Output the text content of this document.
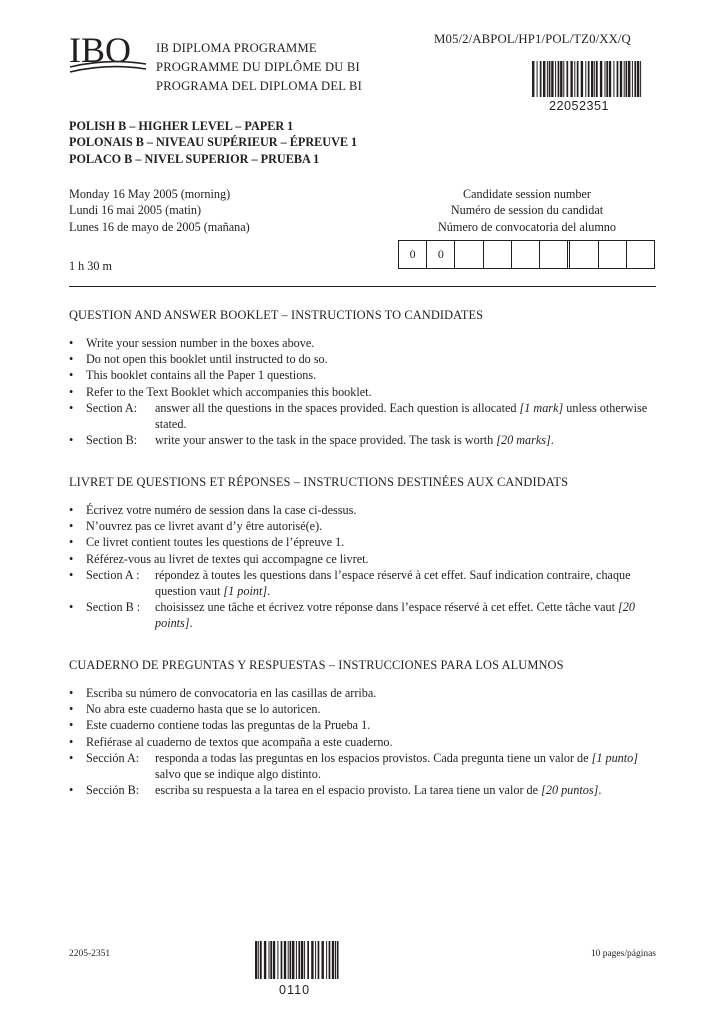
IBO IB DIPLOMA PROGRAMME
PROGRAMME DU DIPLÔME DU BI
PROGRAMA DEL DIPLOMA DEL BI
M05/2/ABPOL/HP1/POL/TZ0/XX/Q
22052351
POLISH B – HIGHER LEVEL – PAPER 1
POLONAIS B – NIVEAU SUPÉRIEUR – ÉPREUVE 1
POLACO B – NIVEL SUPERIOR – PRUEBA 1
Monday 16 May 2005 (morning)
Lundi 16 mai 2005 (matin)
Lunes 16 de mayo de 2005 (mañana)
Candidate session number
Numéro de session du candidat
Número de convocatoria del alumno
0	0
1 h 30 m
QUESTION AND ANSWER BOOKLET – INSTRUCTIONS TO CANDIDATES
•	Write your session number in the boxes above.
•	Do not open this booklet until instructed to do so.
•	This booklet contains all the Paper 1 questions.
•	Refer to the Text Booklet which accompanies this booklet.
•	Section A:	answer all the questions in the spaces provided. Each question is allocated [1 mark] unless otherwise stated.
•	Section B:	write your answer to the task in the space provided. The task is worth [20 marks].
LIVRET DE QUESTIONS ET RÉPONSES – INSTRUCTIONS DESTINÉES AUX CANDIDATS
•	Écrivez votre numéro de session dans la case ci-dessus.
•	N’ouvrez pas ce livret avant d’y être autorisé(e).
•	Ce livret contient toutes les questions de l’épreuve 1.
•	Référez-vous au livret de textes qui accompagne ce livret.
•	Section A :	répondez à toutes les questions dans l’espace réservé à cet effet. Sauf indication contraire, chaque question vaut [1 point].
•	Section B :	choisissez une tâche et écrivez votre réponse dans l’espace réservé à cet effet. Cette tâche vaut [20 points].
CUADERNO DE PREGUNTAS Y RESPUESTAS – INSTRUCCIONES PARA LOS ALUMNOS
•	Escriba su número de convocatoria en las casillas de arriba.
•	No abra este cuaderno hasta que se lo autoricen.
•	Este cuaderno contiene todas las preguntas de la Prueba 1.
•	Refiérase al cuaderno de textos que acompaña a este cuaderno.
•	Sección A:	responda a todas las preguntas en los espacios provistos. Cada pregunta tiene un valor de [1 punto] salvo que se indique algo distinto.
•	Sección B:	escriba su respuesta a la tarea en el espacio provisto. La tarea tiene un valor de [20 puntos].
2205-2351
0110
10 pages/páginas
